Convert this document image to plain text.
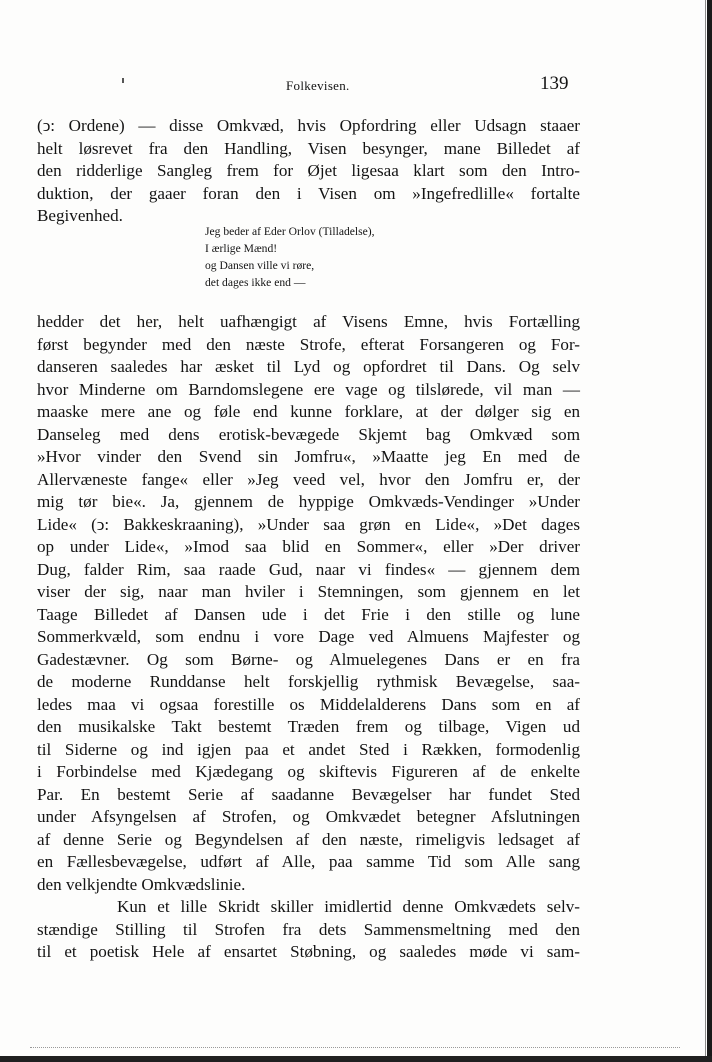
Folkevisen.	139
(ↄ: Ordene) — disse Omkvæd, hvis Opfordring eller Udsagn staaer
helt løsrevet fra den Handling, Visen besynger, mane Billedet af
den ridderlige Sangleg frem for Øjet ligesaa klart som den Intro-
duktion, der gaaer foran den i Visen om »Ingefredlille« fortalte
Begivenhed.
Jeg beder af Eder Orlov (Tilladelse),
I ærlige Mænd!
og Dansen ville vi røre,
det dages ikke end —
hedder det her, helt uafhængigt af Visens Emne, hvis Fortælling
først begynder med den næste Strofe, efterat Forsangeren og For-
danseren saaledes har æsket til Lyd og opfordret til Dans. Og selv
hvor Minderne om Barndomslegene ere vage og tilslørede, vil man —
maaske mere ane og føle end kunne forklare, at der dølger sig en
Danseleg med dens erotisk-bevægede Skjemt bag Omkvæd som
»Hvor vinder den Svend sin Jomfru«, »Maatte jeg En med de
Allervæneste fange« eller »Jeg veed vel, hvor den Jomfru er, der
mig tør bie«. Ja, gjennem de hyppige Omkvæds-Vendinger »Under
Lide« (ↄ: Bakkeskraaning), »Under saa grøn en Lide«, »Det dages
op under Lide«, »Imod saa blid en Sommer«, eller »Der driver
Dug, falder Rim, saa raade Gud, naar vi findes« — gjennem dem
viser der sig, naar man hviler i Stemningen, som gjennem en let
Taage Billedet af Dansen ude i det Frie i den stille og lune
Sommerkvæld, som endnu i vore Dage ved Almuens Majfester og
Gadestævner. Og som Børne- og Almuelegenes Dans er en fra
de moderne Runddanse helt forskjellig rythmisk Bevægelse, saa-
ledes maa vi ogsaa forestille os Middelalderens Dans som en af
den musikalske Takt bestemt Træden frem og tilbage, Vigen ud
til Siderne og ind igjen paa et andet Sted i Rækken, formodenlig
i Forbindelse med Kjædegang og skiftevis Figureren af de enkelte
Par. En bestemt Serie af saadanne Bevægelser har fundet Sted
under Afsyngelsen af Strofen, og Omkvædet betegner Afslutningen
af denne Serie og Begyndelsen af den næste, rimeligvis ledsaget af
en Fællesbevægelse, udført af Alle, paa samme Tid som Alle sang
den velkjendte Omkvædslinie.
Kun et lille Skridt skiller imidlertid denne Omkvædets selv-
stændige Stilling til Strofen fra dets Sammensmeltning med den
til et poetisk Hele af ensartet Støbning, og saaledes møde vi sam-
